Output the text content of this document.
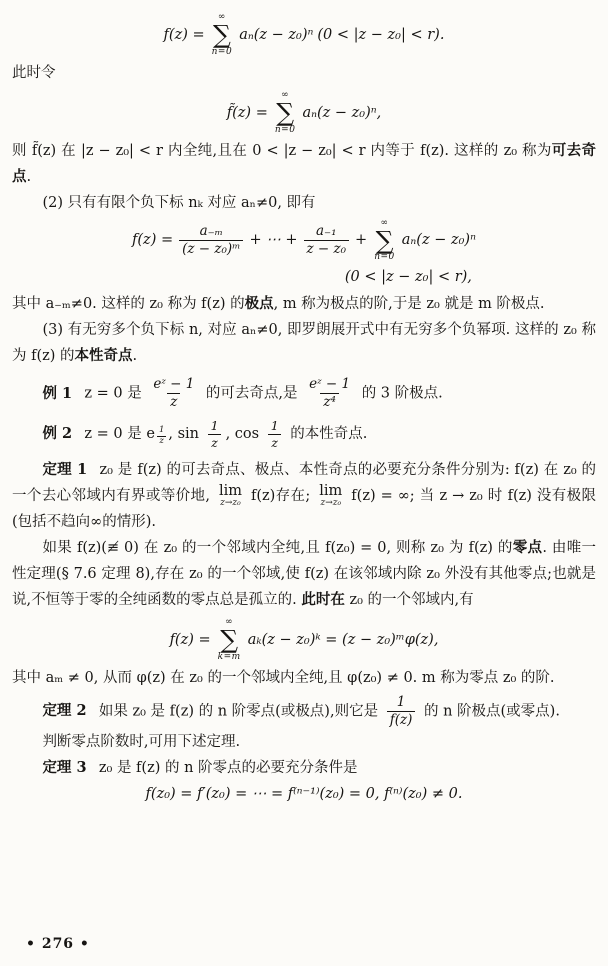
f(z) =
∞
∑
n=0
aₙ(z − z₀)ⁿ (0 < |z − z₀| < r).

此时令

f̃(z) =
∞
∑
n=0
aₙ(z − z₀)ⁿ,

则 f̃(z) 在 |z − z₀| < r 内全纯,且在 0 < |z − z₀| < r 内等于 f(z). 这样的 z₀ 称为可去奇点.

(2) 只有有限个负下标 nₖ 对应 aₙ≠0, 即有

$f(z) = \frac{\text{a₋ₘ}}{\text{(z − z₀)ᵐ}}$ + ⋯ + $\frac{\text{a₋₁}}{\text{z − z₀}}$ +
∞
∑
n=0
aₙ(z − z₀)ⁿ
(0 < |z − z₀| < r),

其中 a₋ₘ≠0. 这样的 z₀ 称为 f(z) 的极点, m 称为极点的阶,于是 z₀ 就是 m 阶极点.

(3) 有无穷多个负下标 n, 对应 aₙ≠0, 即罗朗展开式中有无穷多个负幂项. 这样的 z₀ 称为 f(z) 的本性奇点.

例 1 z = 0 是 $\frac{\text{eᶻ − 1}}{z}$ 的可去奇点,是 $\frac{\text{eᶻ − 1}}{\text{z⁴}}$ 的 3 阶极点.

例 2 z = 0 是 e $\frac{1}{z}$ , $\sin \frac{1}{z}$ , $\cos \frac{1}{z}$ 的本性奇点.

定理 1 z₀ 是 f(z) 的可去奇点、极点、本性奇点的必要充分条件分别为: f(z) 在 z₀ 的一个去心邻域内有界或等价地, lim
z→z₀ f(z)存在; lim
z→z₀ f(z) = ∞; 当 z → z₀ 时 f(z) 没有极限(包括不趋向∞的情形).

如果 f(z)(≢ 0) 在 z₀ 的一个邻域内全纯,且 f(z₀) = 0, 则称 z₀ 为 f(z) 的零点. 由唯一性定理(§ 7.6 定理 8),存在 z₀ 的一个邻域,使 f(z) 在该邻域内除 z₀ 外没有其他零点;也就是说,不恒等于零的全纯函数的零点总是孤立的. 此时在 z₀ 的一个邻域内,有

f(z) =
∞
∑
k=m
aₖ(z − z₀)ᵏ = (z − z₀)ᵐφ(z),

其中 aₘ ≠ 0, 从而 φ(z) 在 z₀ 的一个邻域内全纯,且 φ(z₀) ≠ 0. m 称为零点 z₀ 的阶.

定理 2 如果 z₀ 是 f(z) 的 n 阶零点(或极点),则它是 $\frac{1}{f(z)}$ 的 n 阶极点(或零点).

判断零点阶数时,可用下述定理.

定理 3 z₀ 是 f(z) 的 n 阶零点的必要充分条件是

f(z₀) = f′(z₀) = ⋯ = f⁽ⁿ⁻¹⁾(z₀) = 0, f⁽ⁿ⁾(z₀) ≠ 0.
• 276 •
